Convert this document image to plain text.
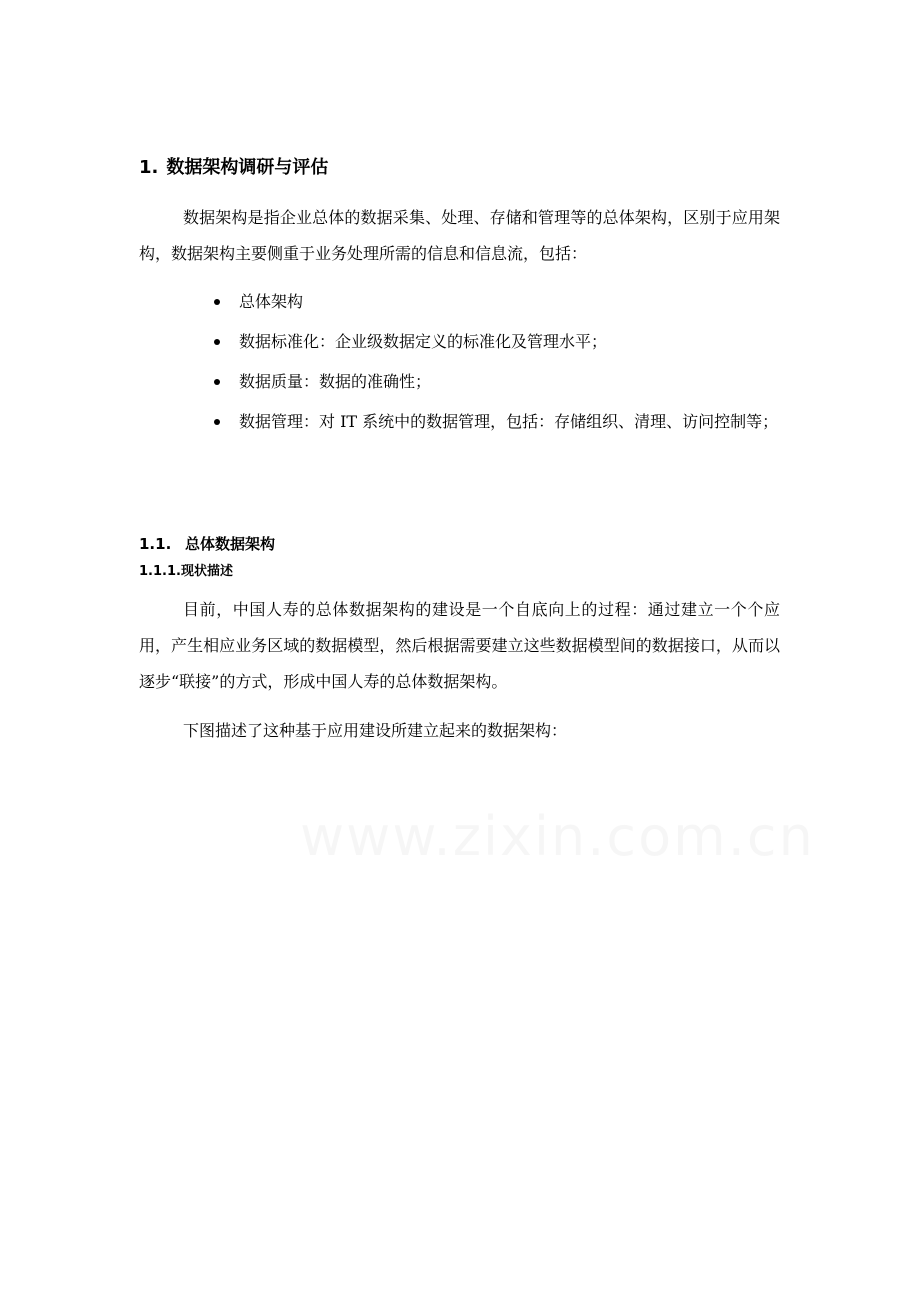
1. 数据架构调研与评估

数据架构是指企业总体的数据采集、处理、存储和管理等的总体架构，区别于应用架构，数据架构主要侧重于业务处理所需的信息和信息流，包括：

总体架构
数据标准化：企业级数据定义的标准化及管理水平；
数据质量：数据的准确性；
数据管理：对 IT 系统中的数据管理，包括：存储组织、清理、访问控制等；
1.1. 总体数据架构
1.1.1.现状描述

目前，中国人寿的总体数据架构的建设是一个自底向上的过程：通过建立一个个应用，产生相应业务区域的数据模型，然后根据需要建立这些数据模型间的数据接口，从而以逐步“联接”的方式，形成中国人寿的总体数据架构。

下图描述了这种基于应用建设所建立起来的数据架构：
